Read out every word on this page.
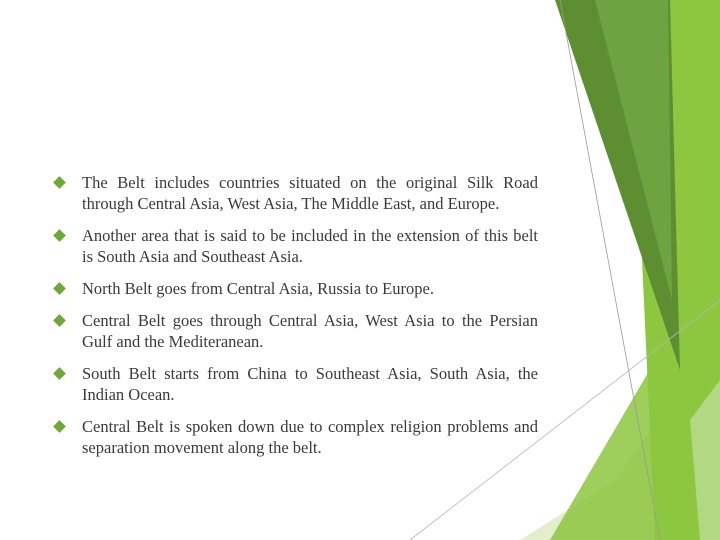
The Belt includes countries situated on the original Silk Road through Central Asia, West Asia, The Middle East, and Europe.
Another area that is said to be included in the extension of this belt is South Asia and Southeast Asia.
North Belt goes from Central Asia, Russia to Europe.
Central Belt goes through Central Asia, West Asia to the Persian Gulf and the Mediteranean.
South Belt starts from China to Southeast Asia, South Asia, the Indian Ocean.
Central Belt is spoken down due to complex religion problems and separation movement along the belt.
